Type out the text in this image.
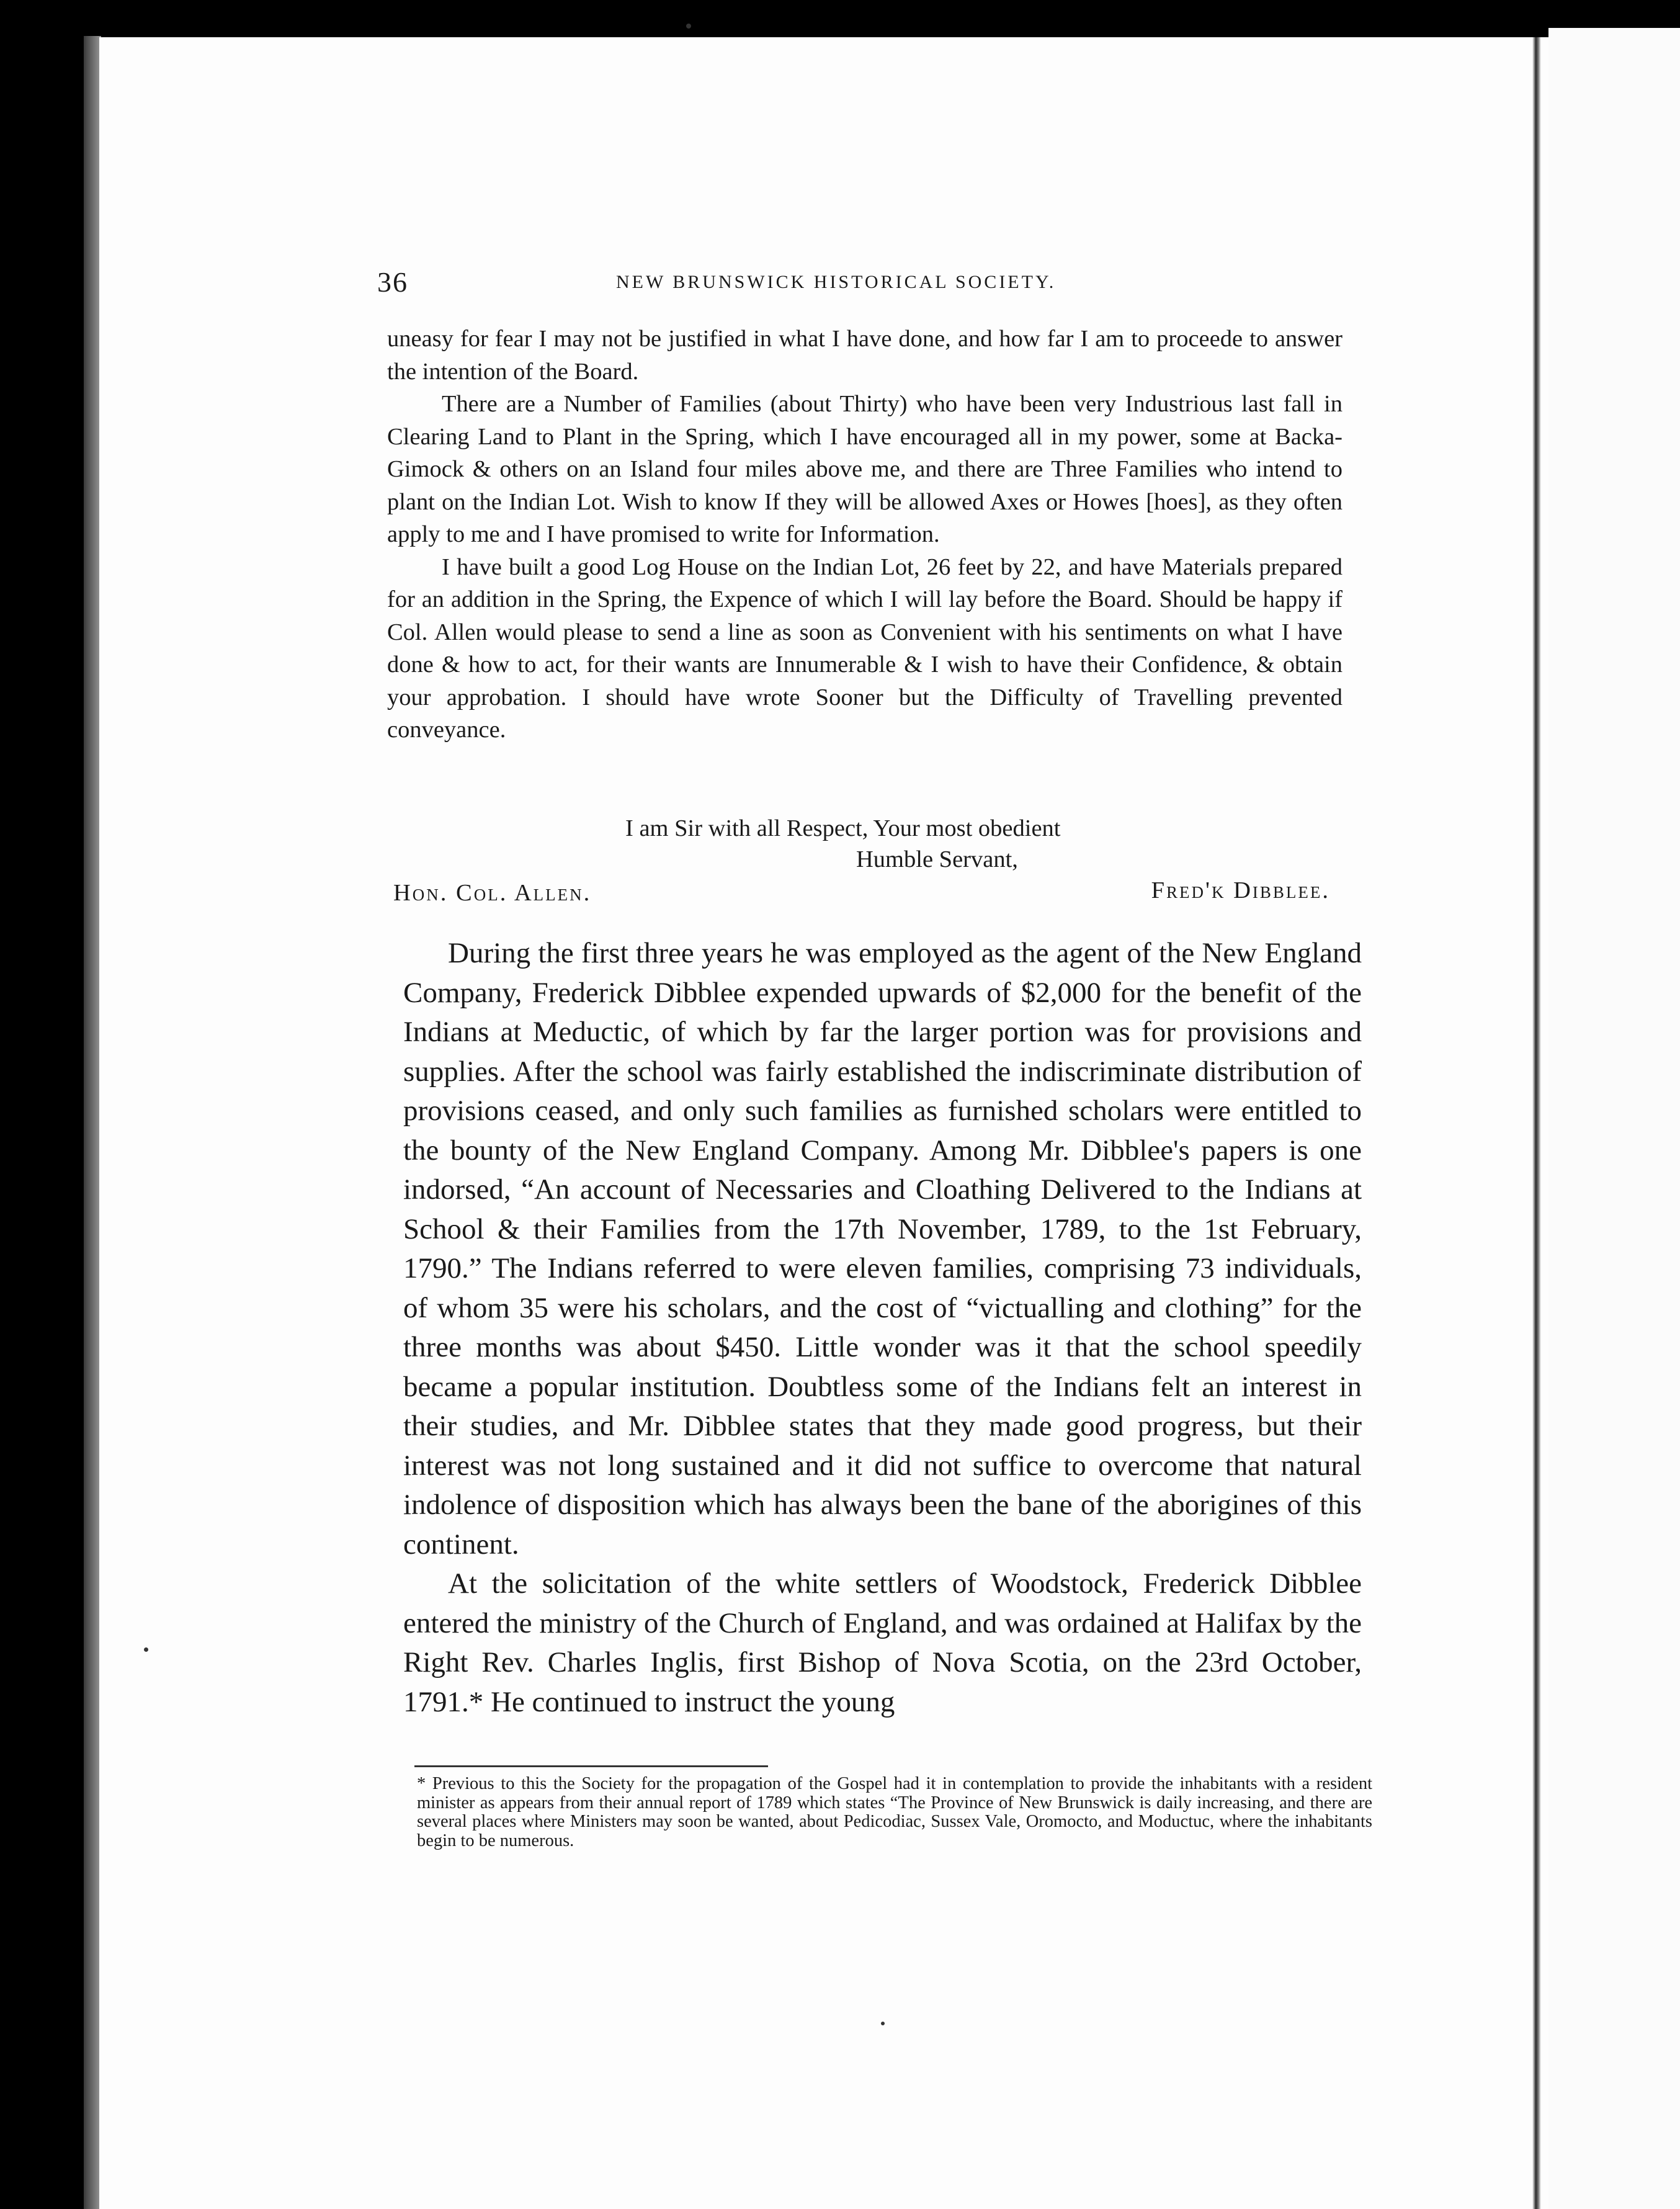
36	NEW BRUNSWICK HISTORICAL SOCIETY.

uneasy for fear I may not be justified in what I have done, and how far I am to proceede to answer the intention of the Board.

There are a Number of Families (about Thirty) who have been very Industrious last fall in Clearing Land to Plant in the Spring, which I have encouraged all in my power, some at Backa-Gimock & others on an Island four miles above me, and there are Three Families who intend to plant on the Indian Lot. Wish to know If they will be allowed Axes or Howes [hoes], as they often apply to me and I have promised to write for Information.

I have built a good Log House on the Indian Lot, 26 feet by 22, and have Materials prepared for an addition in the Spring, the Expence of which I will lay before the Board. Should be happy if Col. Allen would please to send a line as soon as Convenient with his sentiments on what I have done & how to act, for their wants are Innumerable & I wish to have their Confidence, & obtain your approbation. I should have wrote Sooner but the Difficulty of Travelling prevented conveyance.

I am Sir with all Respect, Your most obedient
Humble Servant,
Hon. Col. Allen.	Fred'k Dibblee.

During the first three years he was employed as the agent of the New England Company, Frederick Dibblee expended upwards of $2,000 for the benefit of the Indians at Meductic, of which by far the larger portion was for provisions and supplies. After the school was fairly established the indiscriminate distribution of provisions ceased, and only such families as furnished scholars were entitled to the bounty of the New England Company. Among Mr. Dibblee's papers is one indorsed, “An account of Necessaries and Cloathing Delivered to the Indians at School & their Families from the 17th November, 1789, to the 1st February, 1790.” The Indians referred to were eleven families, comprising 73 individuals, of whom 35 were his scholars, and the cost of “victualling and clothing” for the three months was about $450. Little wonder was it that the school speedily became a popular institution. Doubtless some of the Indians felt an interest in their studies, and Mr. Dibblee states that they made good progress, but their interest was not long sustained and it did not suffice to overcome that natural indolence of disposition which has always been the bane of the aborigines of this continent.

At the solicitation of the white settlers of Woodstock, Frederick Dibblee entered the ministry of the Church of England, and was ordained at Halifax by the Right Rev. Charles Inglis, first Bishop of Nova Scotia, on the 23rd October, 1791.* He continued to instruct the young

* Previous to this the Society for the propagation of the Gospel had it in contemplation to provide the inhabitants with a resident minister as appears from their annual report of 1789 which states “The Province of New Brunswick is daily increasing, and there are several places where Ministers may soon be wanted, about Pedicodiac, Sussex Vale, Oromocto, and Moductuc, where the inhabitants begin to be numerous.
